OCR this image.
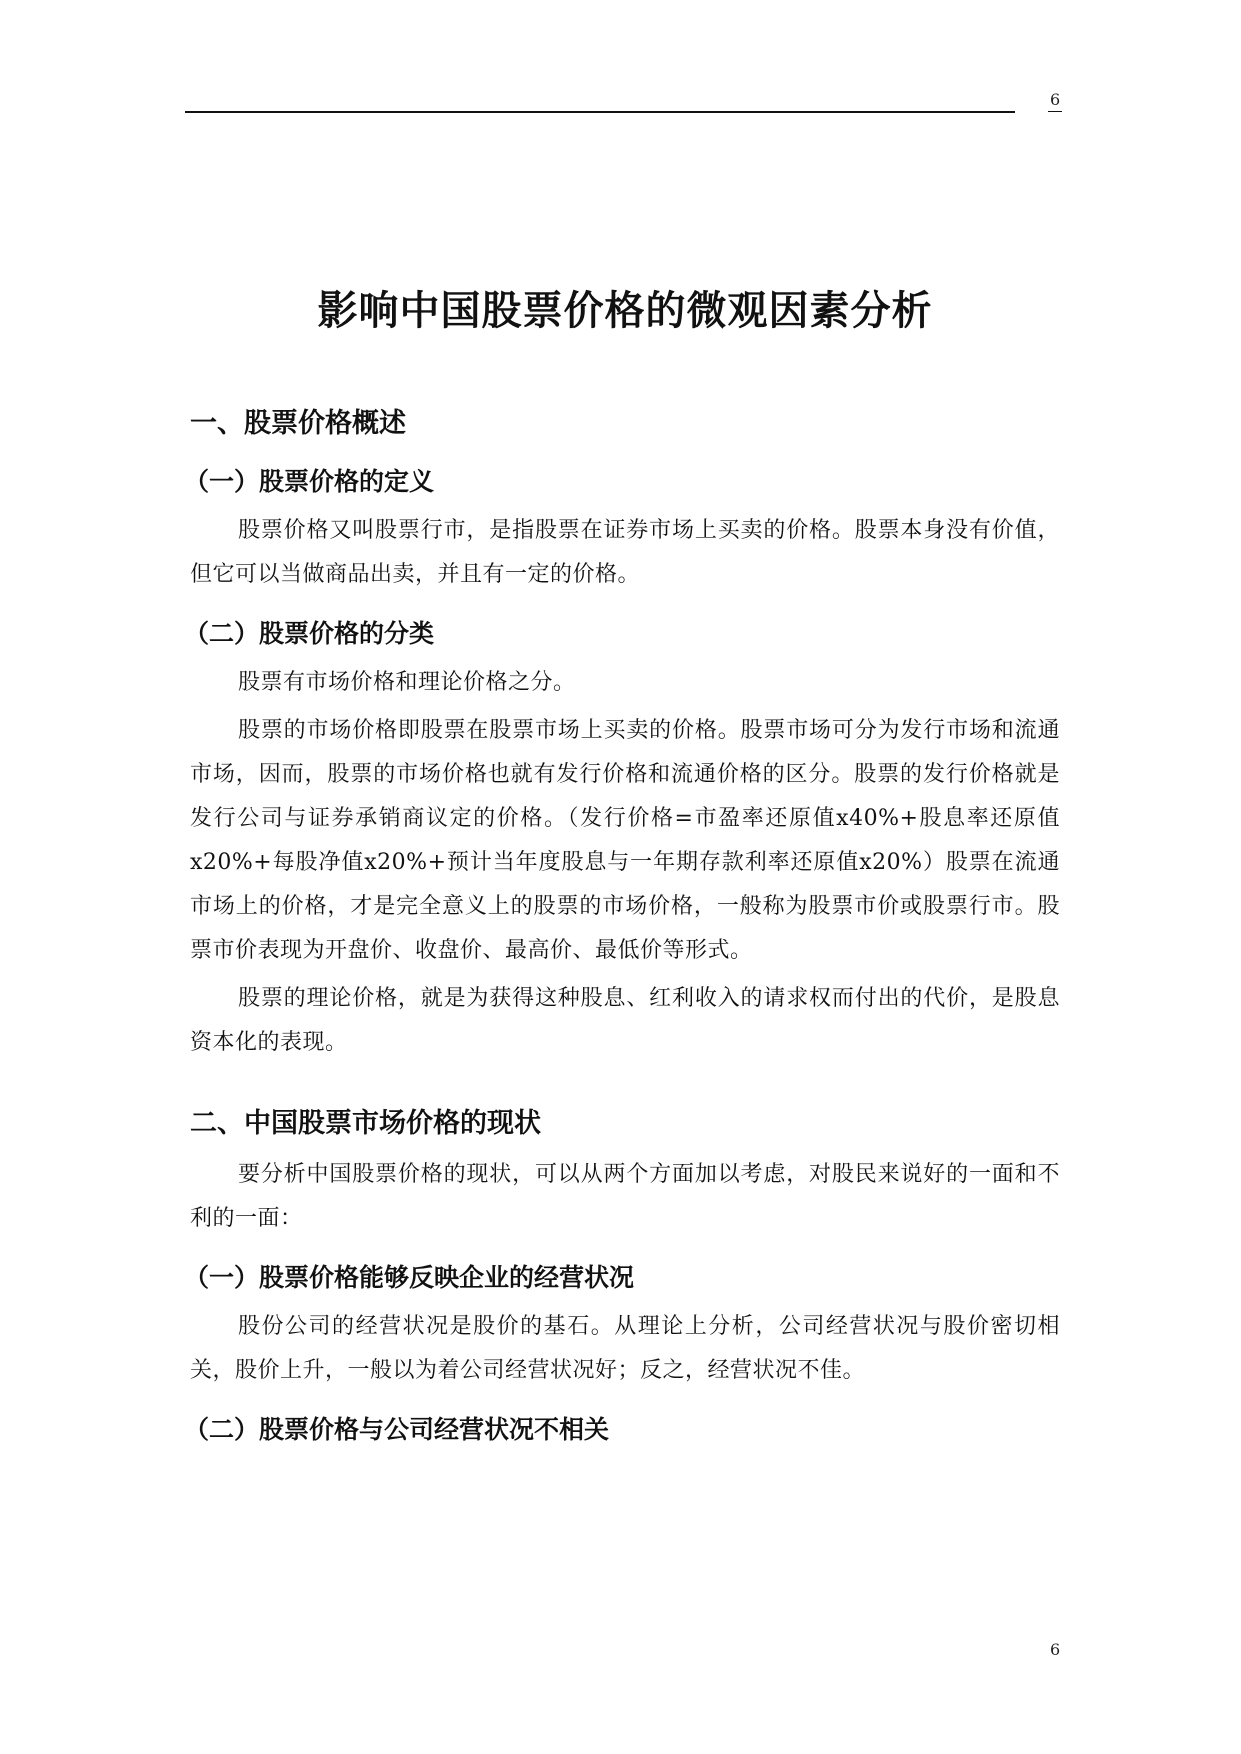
6
影响中国股票价格的微观因素分析
一、股票价格概述
（一）股票价格的定义

股票价格又叫股票行市，是指股票在证券市场上买卖的价格。股票本身没有价值，但它可以当做商品出卖，并且有一定的价格。

（二）股票价格的分类

股票有市场价格和理论价格之分。

股票的市场价格即股票在股票市场上买卖的价格。股票市场可分为发行市场和流通市场，因而，股票的市场价格也就有发行价格和流通价格的区分。股票的发行价格就是发行公司与证券承销商议定的价格。（发行价格=市盈率还原值x40%+股息率还原值x20%+每股净值x20%+预计当年度股息与一年期存款利率还原值x20%）股票在流通市场上的价格，才是完全意义上的股票的市场价格，一般称为股票市价或股票行市。股票市价表现为开盘价、收盘价、最高价、最低价等形式。

股票的理论价格，就是为获得这种股息、红利收入的请求权而付出的代价，是股息资本化的表现。

二、中国股票市场价格的现状

要分析中国股票价格的现状，可以从两个方面加以考虑，对股民来说好的一面和不利的一面：

（一）股票价格能够反映企业的经营状况

股份公司的经营状况是股价的基石。从理论上分析，公司经营状况与股价密切相关，股价上升，一般以为着公司经营状况好；反之，经营状况不佳。

（二）股票价格与公司经营状况不相关
6
